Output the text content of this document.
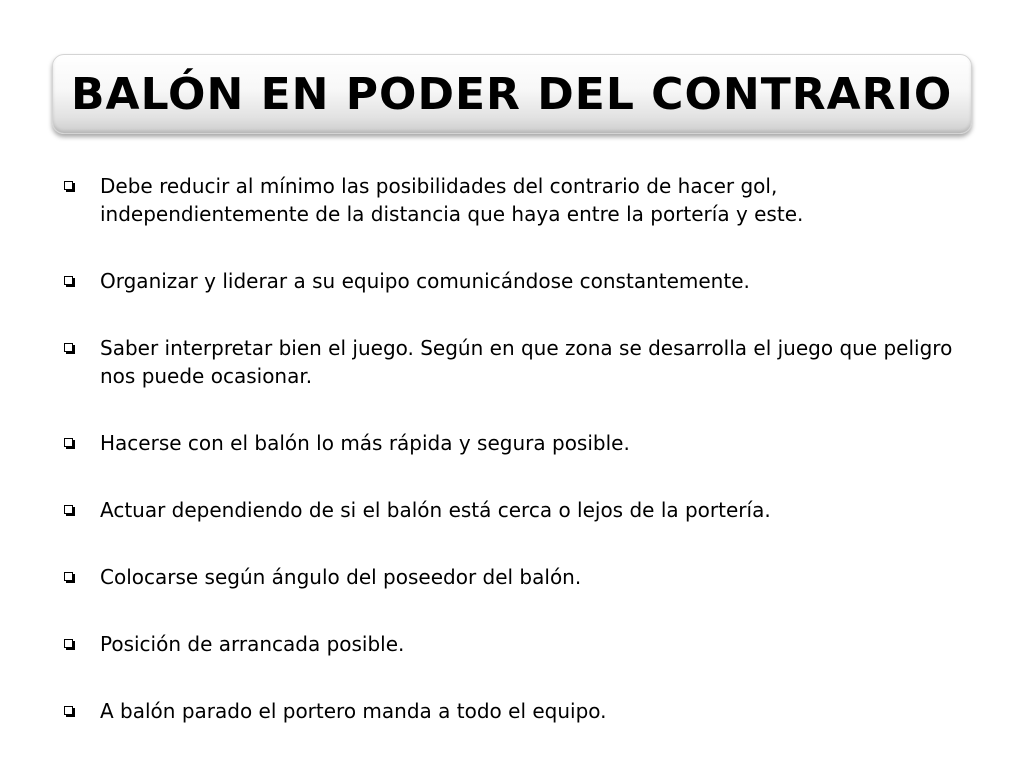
BALÓN EN PODER DEL CONTRARIO
Debe reducir al mínimo las posibilidades del contrario de hacer gol, independientemente de la distancia que haya entre la portería y este.
Organizar y liderar a su equipo comunicándose constantemente.
Saber interpretar bien el juego. Según en que zona se desarrolla el juego que peligro nos puede ocasionar.
Hacerse con el balón lo más rápida y segura posible.
Actuar dependiendo de si el balón está cerca o lejos de la portería.
Colocarse según ángulo del poseedor del balón.
Posición de arrancada posible.
A balón parado el portero manda a todo el equipo.
